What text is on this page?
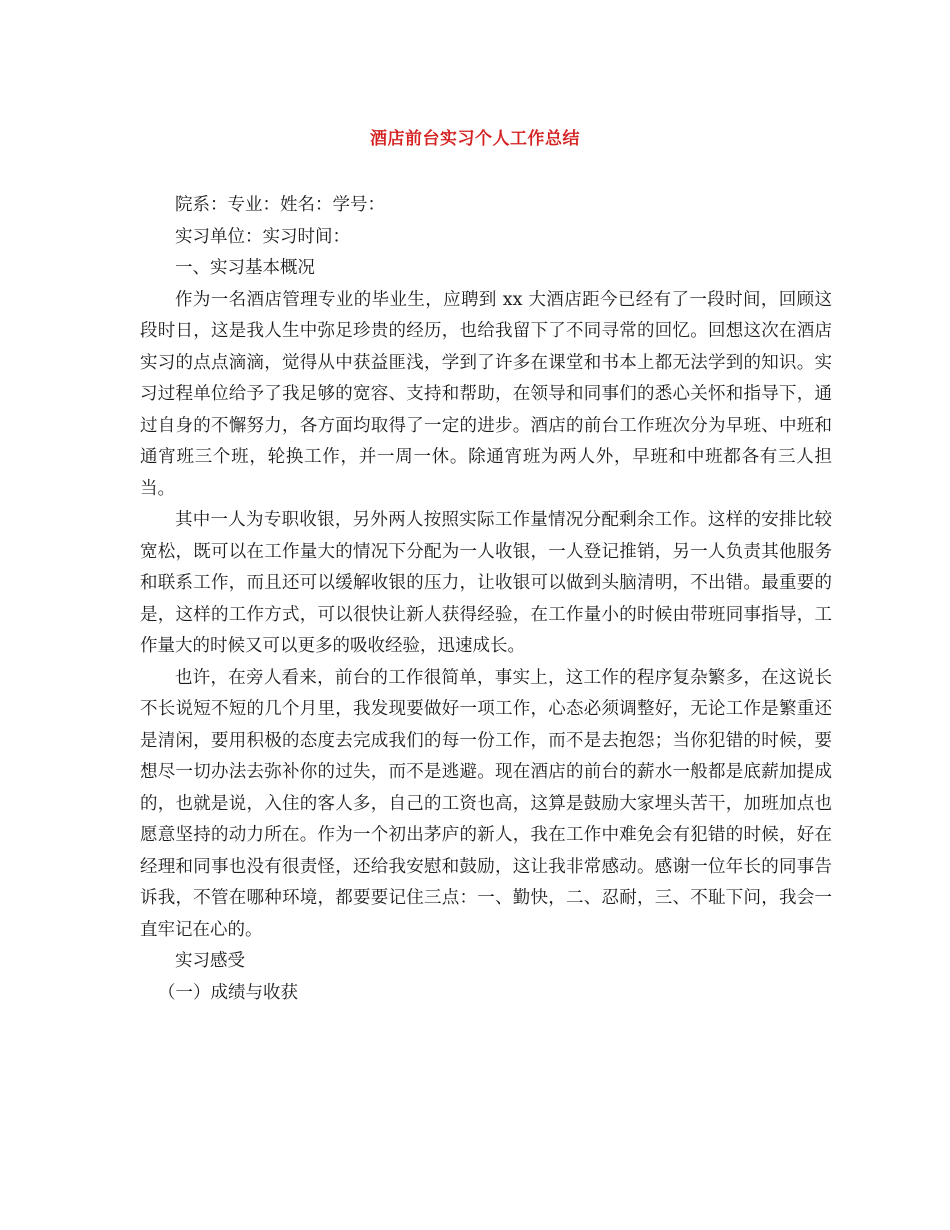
酒店前台实习个人工作总结

院系：专业：姓名：学号：

实习单位：实习时间：

一、实习基本概况

作为一名酒店管理专业的毕业生，应聘到 xx 大酒店距今已经有了一段时间，回顾这段时日，这是我人生中弥足珍贵的经历，也给我留下了不同寻常的回忆。回想这次在酒店实习的点点滴滴，觉得从中获益匪浅，学到了许多在课堂和书本上都无法学到的知识。实习过程单位给予了我足够的宽容、支持和帮助，在领导和同事们的悉心关怀和指导下，通过自身的不懈努力，各方面均取得了一定的进步。酒店的前台工作班次分为早班、中班和通宵班三个班，轮换工作，并一周一休。除通宵班为两人外，早班和中班都各有三人担当。

其中一人为专职收银，另外两人按照实际工作量情况分配剩余工作。这样的安排比较宽松，既可以在工作量大的情况下分配为一人收银，一人登记推销，另一人负责其他服务和联系工作，而且还可以缓解收银的压力，让收银可以做到头脑清明，不出错。最重要的是，这样的工作方式，可以很快让新人获得经验，在工作量小的时候由带班同事指导，工作量大的时候又可以更多的吸收经验，迅速成长。

也许，在旁人看来，前台的工作很简单，事实上，这工作的程序复杂繁多，在这说长不长说短不短的几个月里，我发现要做好一项工作，心态必须调整好，无论工作是繁重还是清闲，要用积极的态度去完成我们的每一份工作，而不是去抱怨；当你犯错的时候，要想尽一切办法去弥补你的过失，而不是逃避。现在酒店的前台的薪水一般都是底薪加提成的，也就是说，入住的客人多，自己的工资也高，这算是鼓励大家埋头苦干，加班加点也愿意坚持的动力所在。作为一个初出茅庐的新人，我在工作中难免会有犯错的时候，好在经理和同事也没有很责怪，还给我安慰和鼓励，这让我非常感动。感谢一位年长的同事告诉我，不管在哪种环境，都要要记住三点：一、勤快，二、忍耐，三、不耻下问，我会一直牢记在心的。

实习感受

（一）成绩与收获
